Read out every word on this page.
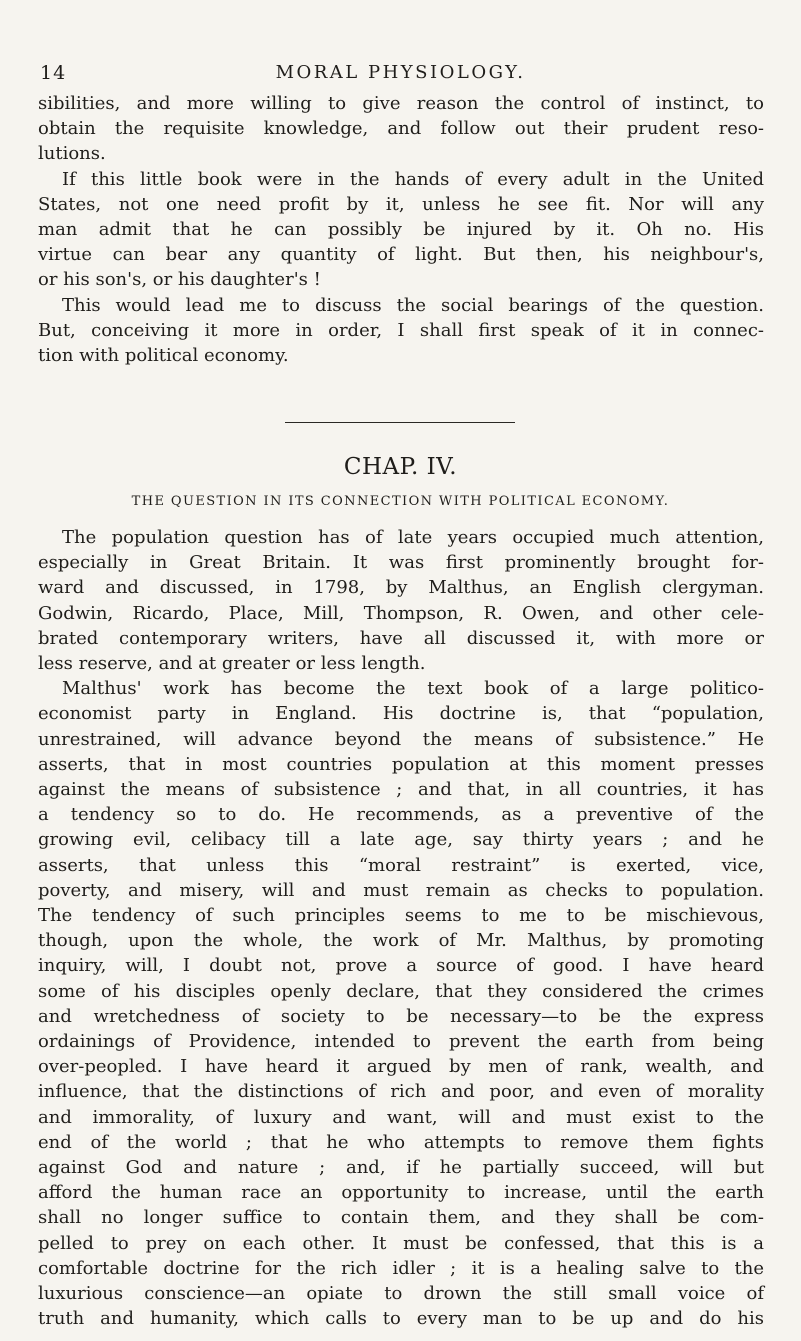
14	MORAL PHYSIOLOGY.
sibilities, and more willing to give reason the control of instinct, to
obtain the requisite knowledge, and follow out their prudent reso-
lutions.
If this little book were in the hands of every adult in the United
States, not one need profit by it, unless he see fit. Nor will any
man admit that he can possibly be injured by it. Oh no. His
virtue can bear any quantity of light. But then, his neighbour's,
or his son's, or his daughter's !
This would lead me to discuss the social bearings of the question.
But, conceiving it more in order, I shall first speak of it in connec-
tion with political economy.
CHAP. IV.
THE QUESTION IN ITS CONNECTION WITH POLITICAL ECONOMY.
The population question has of late years occupied much attention,
especially in Great Britain. It was first prominently brought for-
ward and discussed, in 1798, by Malthus, an English clergyman.
Godwin, Ricardo, Place, Mill, Thompson, R. Owen, and other cele-
brated contemporary writers, have all discussed it, with more or
less reserve, and at greater or less length.
Malthus' work has become the text book of a large politico-
economist party in England. His doctrine is, that “population,
unrestrained, will advance beyond the means of subsistence.” He
asserts, that in most countries population at this moment presses
against the means of subsistence ; and that, in all countries, it has
a tendency so to do. He recommends, as a preventive of the
growing evil, celibacy till a late age, say thirty years ; and he
asserts, that unless this “moral restraint” is exerted, vice,
poverty, and misery, will and must remain as checks to population.
The tendency of such principles seems to me to be mischievous,
though, upon the whole, the work of Mr. Malthus, by promoting
inquiry, will, I doubt not, prove a source of good. I have heard
some of his disciples openly declare, that they considered the crimes
and wretchedness of society to be necessary—to be the express
ordainings of Providence, intended to prevent the earth from being
over-peopled. I have heard it argued by men of rank, wealth, and
influence, that the distinctions of rich and poor, and even of morality
and immorality, of luxury and want, will and must exist to the
end of the world ; that he who attempts to remove them fights
against God and nature ; and, if he partially succeed, will but
afford the human race an opportunity to increase, until the earth
shall no longer suffice to contain them, and they shall be com-
pelled to prey on each other. It must be confessed, that this is a
comfortable doctrine for the rich idler ; it is a healing salve to the
luxurious conscience—an opiate to drown the still small voice of
truth and humanity, which calls to every man to be up and do his
